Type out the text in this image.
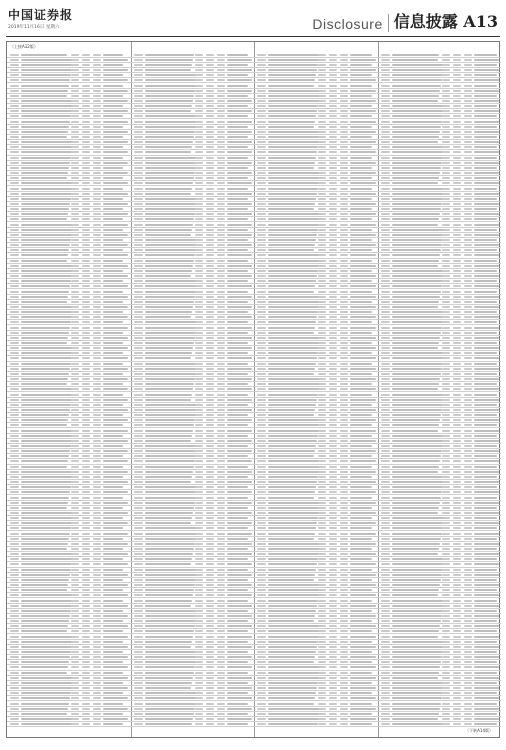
中国证券报
2019年11月16日 星期六	Disclosure 信息披露 A13
（上接A12版）
（下转A14版）
